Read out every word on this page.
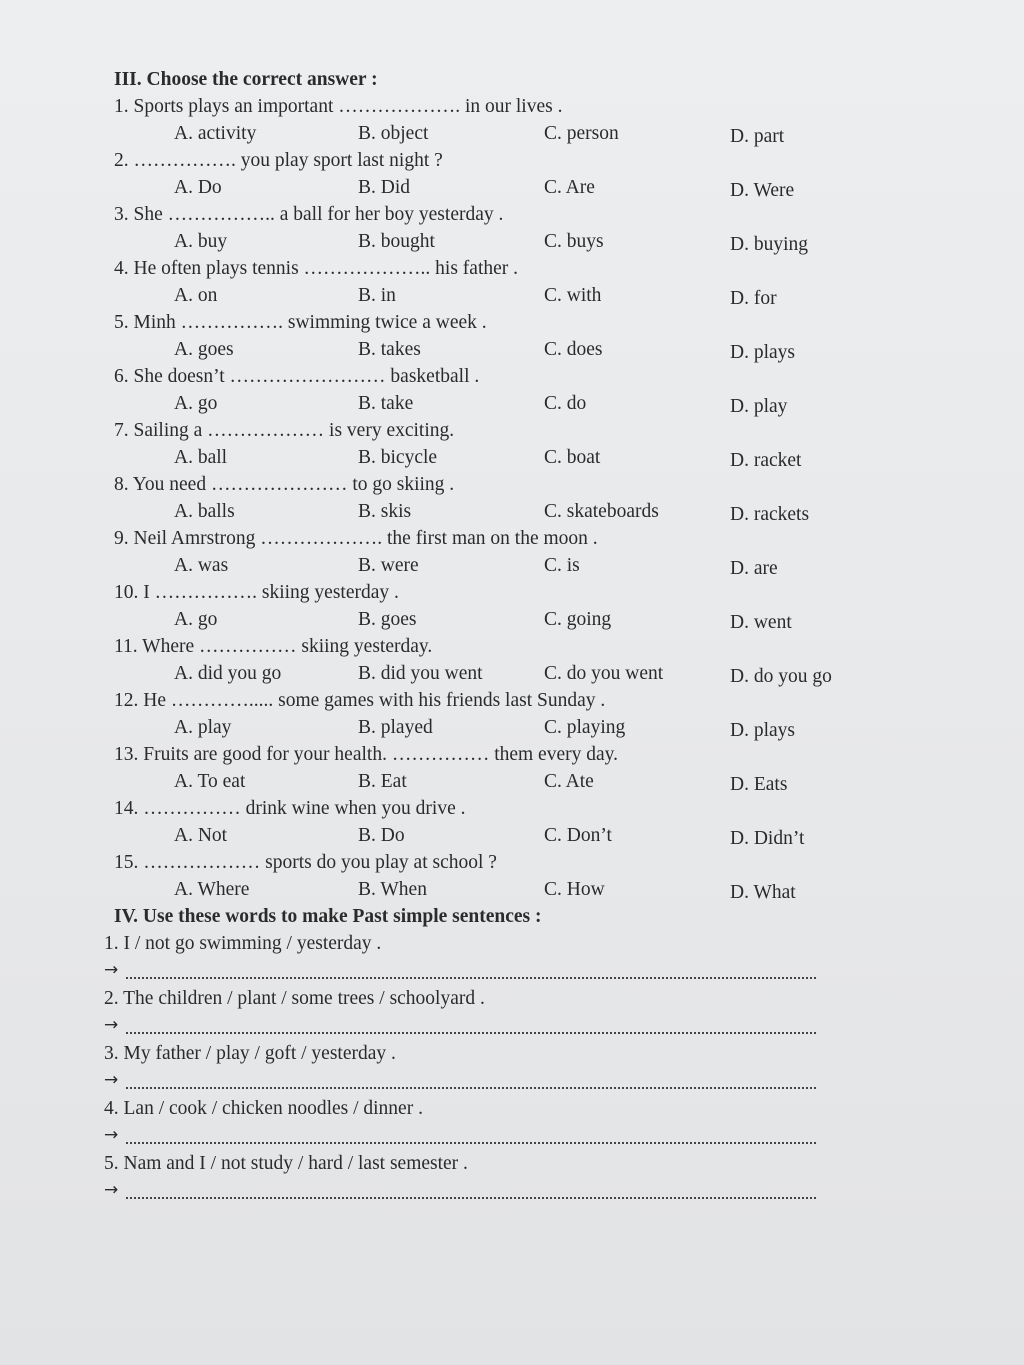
III. Choose the correct answer :
1. Sports plays an important ………………. in our lives .
A. activity	B. object	C. person	D. part
2. ……………. you play sport last night ?
A. Do	B. Did	C. Are	D. Were
3. She …………….. a ball for her boy yesterday .
A. buy	B. bought	C. buys	D. buying
4. He often plays tennis ……………….. his father .
A. on	B. in	C. with	D. for
5. Minh ……………. swimming twice a week .
A. goes	B. takes	C. does	D. plays
6. She doesn’t …………………… basketball .
A. go	B. take	C. do	D. play
7. Sailing a ……………… is very exciting.
A. ball	B. bicycle	C. boat	D. racket
8. You need ………………… to go skiing .
A. balls	B. skis	C. skateboards	D. rackets
9. Neil Amrstrong ………………. the first man on the moon .
A. was	B. were	C. is	D. are
10. I ……………. skiing yesterday .
A. go	B. goes	C. going	D. went
11. Where …………… skiing yesterday.
A. did you go	B. did you went	C. do you went	D. do you go
12. He …………..... some games with his friends last Sunday .
A. play	B. played	C. playing	D. plays
13. Fruits are good for your health. …………… them every day.
A. To eat	B. Eat	C. Ate	D. Eats
14. …………… drink wine when you drive .
A. Not	B. Do	C. Don’t	D. Didn’t
15. ……………… sports do you play at school ?
A. Where	B. When	C. How	D. What
IV. Use these words to make Past simple sentences :
1. I / not go swimming / yesterday .
→
2. The children / plant / some trees / schoolyard .
→
3. My father / play / goft / yesterday .
→
4. Lan / cook / chicken noodles / dinner .
→
5. Nam and I / not study / hard / last semester .
→
